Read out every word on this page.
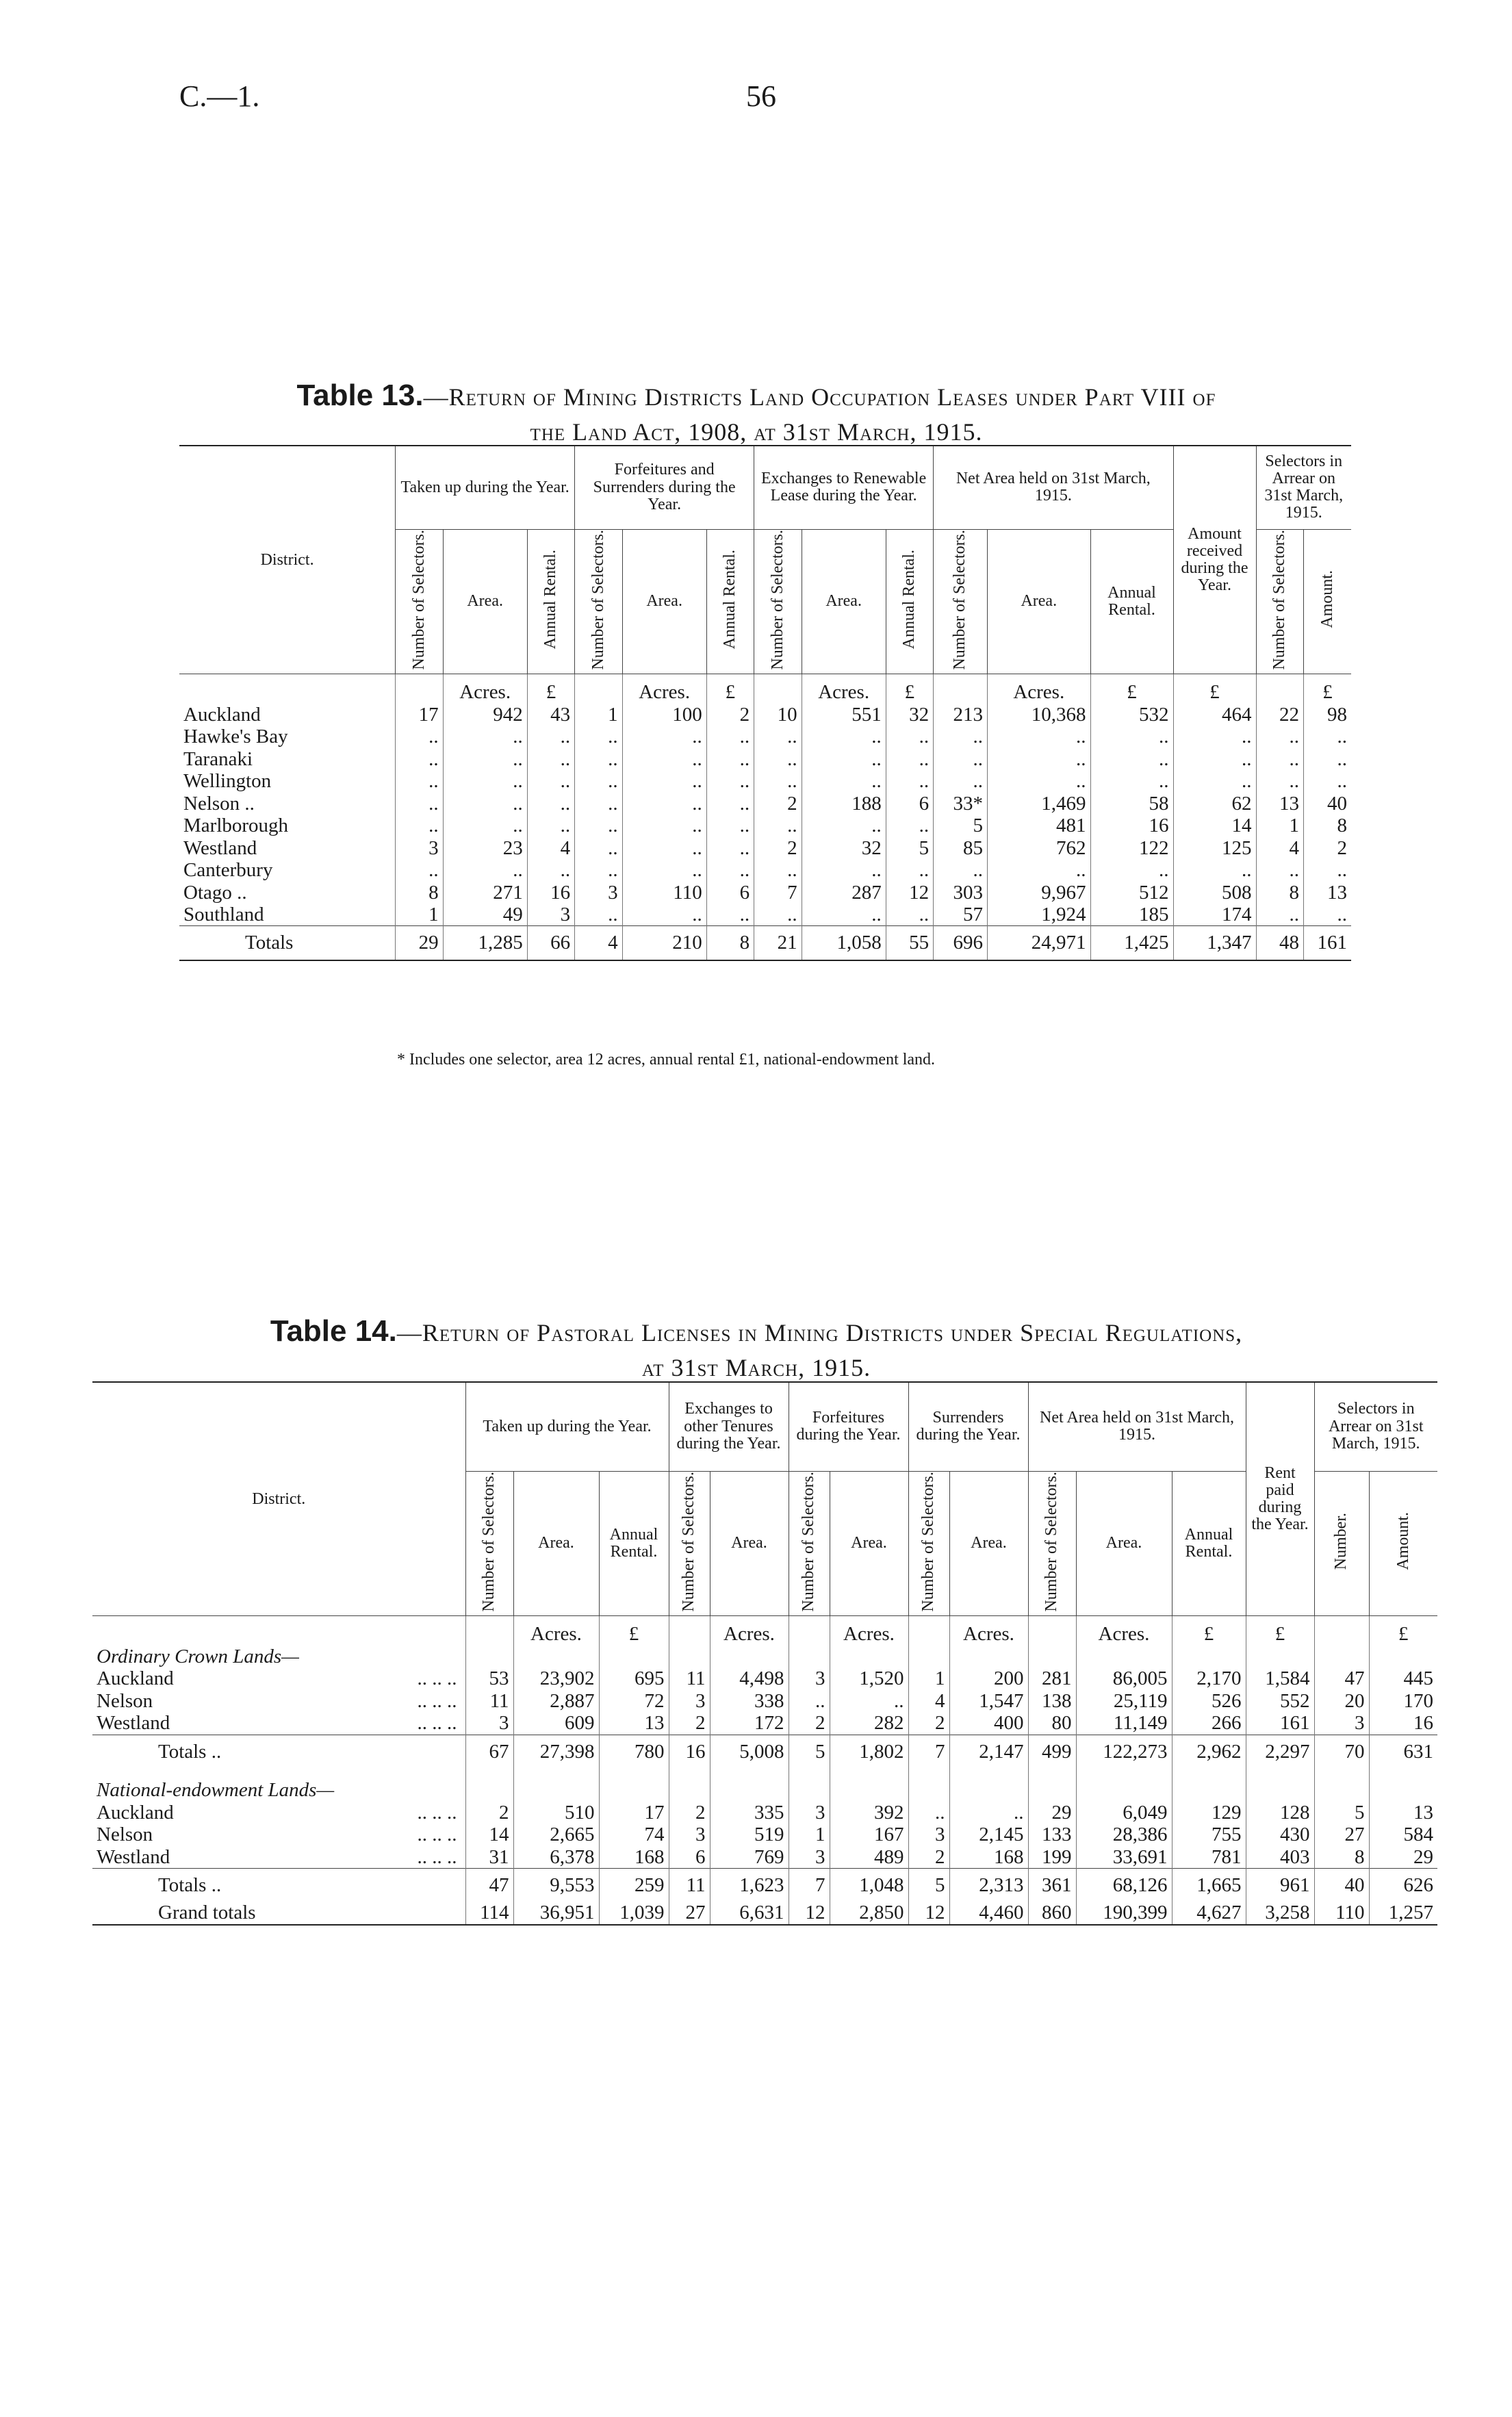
C.—1.	56
Table 13.—Return of Mining Districts Land Occupation Leases under Part VIII of
the Land Act, 1908, at 31st March, 1915.
District.	Taken up during the Year.			Forfeitures and Surrenders during the Year.			Exchanges to Renewable Lease during the Year.			Net Area held on 31st March, 1915.			Amount received during the Year.	Selectors in Arrear on 31st March, 1915.	
	Number of Selectors.	Area.	Annual Rental.	Number of Selectors.	Area.	Annual Rental.	Number of Selectors.	Area.	Annual Rental.	Number of Selectors.	Area.	Annual Rental.		Number of Selectors.	Amount.
		Acres.	£		Acres.	£		Acres.	£		Acres.	£	£		£
Auckland	17	942	43	1	100	2	10	551	32	213	10,368	532	464	22	98
Hawke's Bay	..	..	..	..	..	..	..	..	..	..	..	..	..	..	..
Taranaki	..	..	..	..	..	..	..	..	..	..	..	..	..	..	..
Wellington	..	..	..	..	..	..	..	..	..	..	..	..	..	..	..
Nelson ..	..	..	..	..	..	..	2	188	6	33*	1,469	58	62	13	40
Marlborough	..	..	..	..	..	..	..	..	..	5	481	16	14	1	8
Westland	3	23	4	..	..	..	2	32	5	85	762	122	125	4	2
Canterbury	..	..	..	..	..	..	..	..	..	..	..	..	..	..	..
Otago ..	8	271	16	3	110	6	7	287	12	303	9,967	512	508	8	13
Southland	1	49	3	..	..	..	..	..	..	57	1,924	185	174	..	..
Totals	29	1,285	66	4	210	8	21	1,058	55	696	24,971	1,425	1,347	48	161
* Includes one selector, area 12 acres, annual rental £1, national-endowment land.
Table 14.—Return of Pastoral Licenses in Mining Districts under Special Regulations,
at 31st March, 1915.
District.	Taken up during the Year.			Exchanges to other Tenures during the Year.		Forfeitures during the Year.		Surrenders during the Year.		Net Area held on 31st March, 1915.			Rent paid during the Year.	Selectors in Arrear on 31st March, 1915.	
	Number of Selectors.	Area.	Annual Rental.	Number of Selectors.	Area.	Number of Selectors.	Area.	Number of Selectors.	Area.	Number of Selectors.	Area.	Annual Rental.		Number.	Amount.
		Acres.	£		Acres.		Acres.		Acres.		Acres.	£	£		£
Ordinary Crown Lands—															
Auckland .. .. ..	53	23,902	695	11	4,498	3	1,520	1	200	281	86,005	2,170	1,584	47	445
Nelson .. .. ..	11	2,887	72	3	338	..	..	4	1,547	138	25,119	526	552	20	170
Westland .. .. ..	3	609	13	2	172	2	282	2	400	80	11,149	266	161	3	16
Totals ..	67	27,398	780	16	5,008	5	1,802	7	2,147	499	122,273	2,962	2,297	70	631
National-endowment Lands—															
Auckland .. .. ..	2	510	17	2	335	3	392	..	..	29	6,049	129	128	5	13
Nelson .. .. ..	14	2,665	74	3	519	1	167	3	2,145	133	28,386	755	430	27	584
Westland .. .. ..	31	6,378	168	6	769	3	489	2	168	199	33,691	781	403	8	29
Totals ..	47	9,553	259	11	1,623	7	1,048	5	2,313	361	68,126	1,665	961	40	626
Grand totals	114	36,951	1,039	27	6,631	12	2,850	12	4,460	860	190,399	4,627	3,258	110	1,257
